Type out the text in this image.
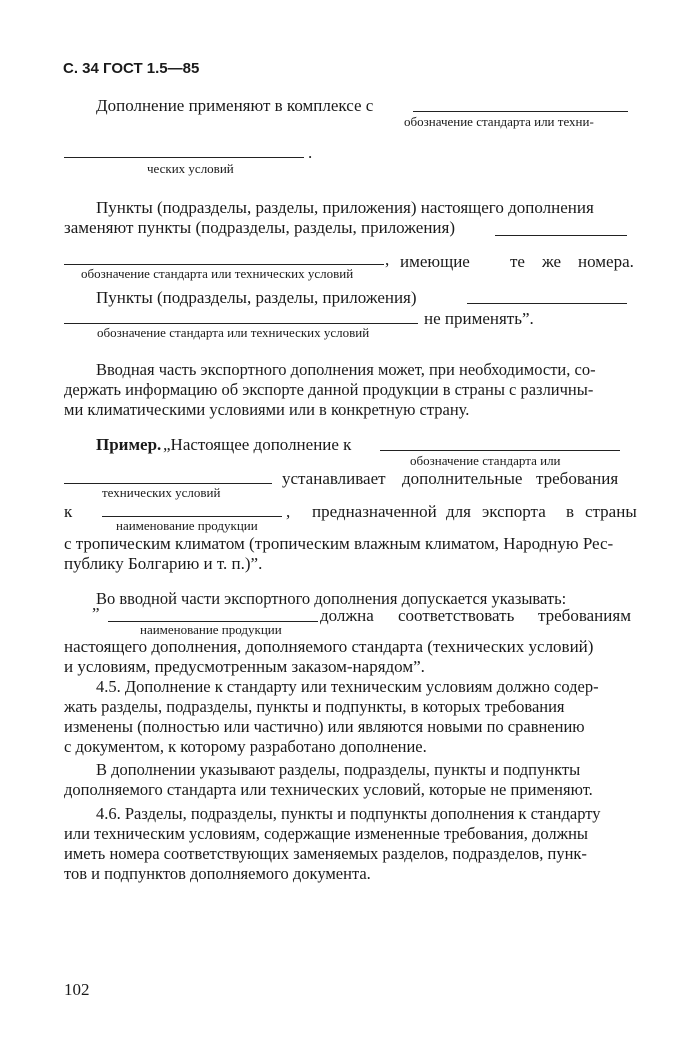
С. 34 ГОСТ 1.5—85
Дополнение применяют в комплексе с
обозначение стандарта или техни-
.
ческих условий
Пункты (подразделы, разделы, приложения) настоящего дополнения
заменяют пункты (подразделы, разделы, приложения)
, имеющие те же номера.
обозначение стандарта или технических условий
Пункты (подразделы, разделы, приложения)
не применять”.
обозначение стандарта или технических условий
Вводная часть экспортного дополнения может, при необходимости, со-
держать информацию об экспорте данной продукции в страны с различны-
ми климатическими условиями или в конкретную страну.
Пример. „Настоящее дополнение к
обозначение стандарта или
технических условий
устанавливает дополнительные требования
к
наименование продукции
, предназначенной для экспорта в страны
с тропическим климатом (тропическим влажным климатом, Народную Рес-
публику Болгарию и т. п.)”.
Во вводной части экспортного дополнения допускается указывать:
”
наименование продукции
должна соответствовать требованиям
настоящего дополнения, дополняемого стандарта (технических условий)
и условиям, предусмотренным заказом-нарядом”.
4.5. Дополнение к стандарту или техническим условиям должно содер-
жать разделы, подразделы, пункты и подпункты, в которых требования
изменены (полностью или частично) или являются новыми по сравнению
с документом, к которому разработано дополнение.
В дополнении указывают разделы, подразделы, пункты и подпункты
дополняемого стандарта или технических условий, которые не применяют.
4.6. Разделы, подразделы, пункты и подпункты дополнения к стандарту
или техническим условиям, содержащие измененные требования, должны
иметь номера соответствующих заменяемых разделов, подразделов, пунк-
тов и подпунктов дополняемого документа.
102
